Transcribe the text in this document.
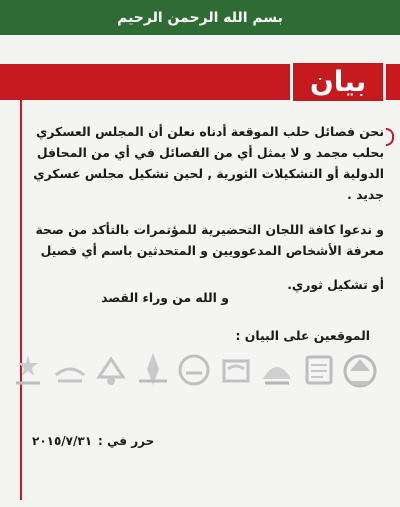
بسم الله الرحمن الرحيم
بيان

نحن فصائل حلب الموقعة أدناه نعلن أن المجلس العسكري بحلب مجمد و لا يمثل أي من الفصائل في أي من المحافل الدولية أو التشكيلات الثورية , لحين تشكيل مجلس عسكري جديد .

و ندعوا كافة اللجان التحضيرية للمؤتمرات بالتأكد من صحة معرفة الأشخاص المدعوويين و المتحدثين باسم أي فصيل

أو تشكيل ثوري.

و الله من وراء القصد
الموقعين على البيان :
حرر في :
٢٠١٥/٧/٣١
